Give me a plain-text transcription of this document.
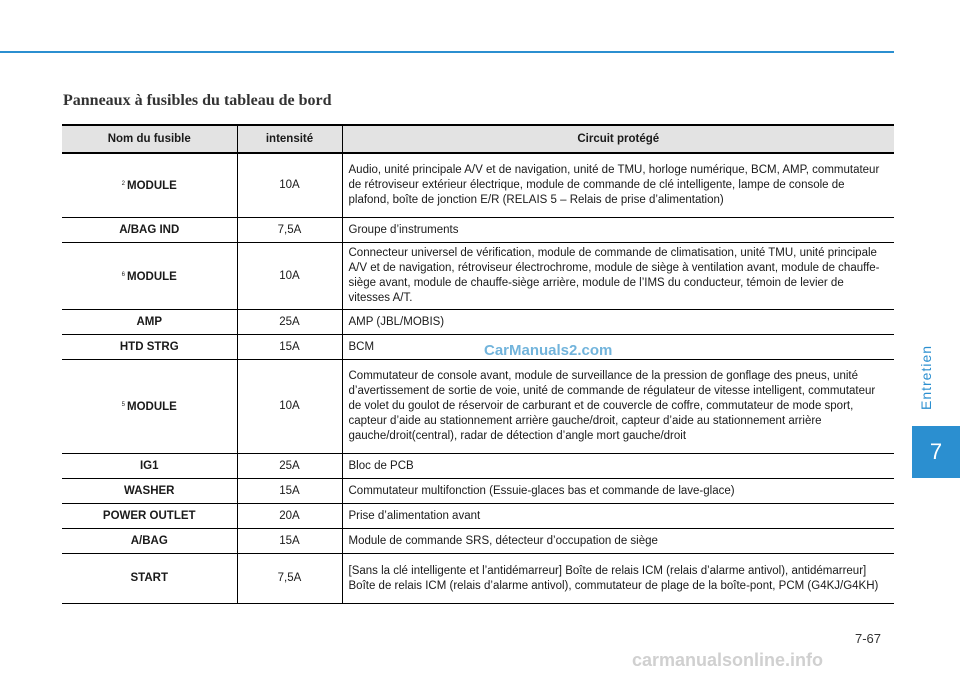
Panneaux à fusibles du tableau de bord
Nom du fusible	intensité	Circuit protégé

$^2$ MODULE	10A	Audio, unité principale A/V et de navigation, unité de TMU, horloge numérique, BCM, AMP, commutateur de rétroviseur extérieur électrique, module de commande de clé intelligente, lampe de console de plafond, boîte de jonction E/R (RELAIS 5 – Relais de prise d’alimentation)
A/BAG IND	7,5A	Groupe d’instruments
$^6$ MODULE	10A	Connecteur universel de vérification, module de commande de climatisation, unité TMU, unité principale A/V et de navigation, rétroviseur électrochrome, module de siège à ventilation avant, module de chauffe-siège avant, module de chauffe-siège arrière, module de l’IMS du conducteur, témoin de levier de vitesses A/T.
AMP	25A	AMP (JBL/MOBIS)
HTD STRG	15A	BCM
$^5$ MODULE	10A	Commutateur de console avant, module de surveillance de la pression de gonflage des pneus, unité d’avertissement de sortie de voie, unité de commande de régulateur de vitesse intelligent, commutateur de volet du goulot de réservoir de carburant et de couvercle de coffre, commutateur de mode sport, capteur d’aide au stationnement arrière gauche/droit, capteur d’aide au stationnement arrière gauche/droit(central), radar de détection d’angle mort gauche/droit
IG1	25A	Bloc de PCB
WASHER	15A	Commutateur multifonction (Essuie-glaces bas et commande de lave-glace)
POWER OUTLET	20A	Prise d’alimentation avant
A/BAG	15A	Module de commande SRS, détecteur d’occupation de siège
START	7,5A	[Sans la clé intelligente et l’antidémarreur] Boîte de relais ICM (relais d’alarme antivol), antidémarreur] Boîte de relais ICM (relais d’alarme antivol), commutateur de plage de la boîte-pont, PCM (G4KJ/G4KH)
CarManuals2.com	Entretien
7
7-67
carmanualsonline.info
